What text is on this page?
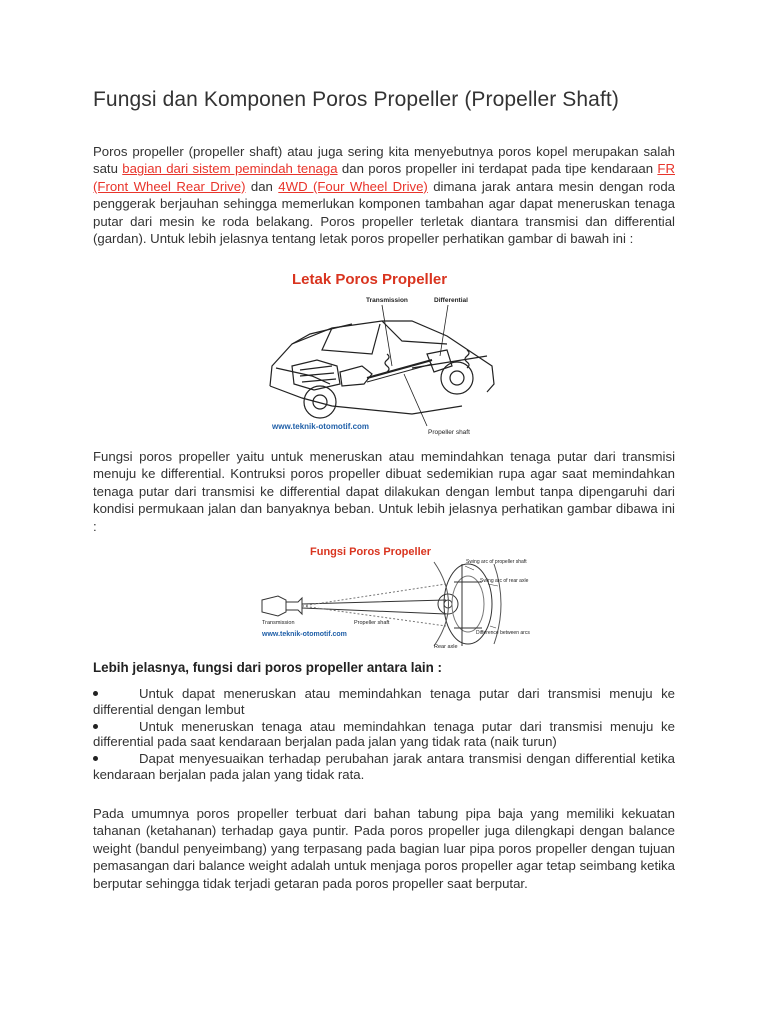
Fungsi dan Komponen Poros Propeller (Propeller Shaft)

Poros propeller (propeller shaft) atau juga sering kita menyebutnya poros kopel merupakan salah satu bagian dari sistem pemindah tenaga dan poros propeller ini terdapat pada tipe kendaraan FR (Front Wheel Rear Drive) dan 4WD (Four Wheel Drive) dimana jarak antara mesin dengan roda penggerak berjauhan sehingga memerlukan komponen tambahan agar dapat meneruskan tenaga putar dari mesin ke roda belakang. Poros propeller terletak diantara transmisi dan differential (gardan). Untuk lebih jelasnya tentang letak poros propeller perhatikan gambar di bawah ini :

Letak Poros Propeller
Transmission	Differential
Propeller shaft
www.teknik-otomotif.com

Fungsi poros propeller yaitu untuk meneruskan atau memindahkan tenaga putar dari transmisi menuju ke differential. Kontruksi poros propeller dibuat sedemikian rupa agar saat memindahkan tenaga putar dari transmisi ke differential dapat dilakukan dengan lembut tanpa dipengaruhi dari kondisi permukaan jalan dan banyaknya beban. Untuk lebih jelasnya perhatikan gambar dibawa ini :

Fungsi Poros Propeller
Swing arc of propeller shaft
Swing arc of rear axle
Difference between arcs
Transmission	Propeller shaft
Rear axle
www.teknik-otomotif.com

Lebih jelasnya, fungsi dari poros propeller antara lain :

Untuk dapat meneruskan atau memindahkan tenaga putar dari transmisi menuju ke differential dengan lembut
Untuk meneruskan tenaga atau memindahkan tenaga putar dari transmisi menuju ke differential pada saat kendaraan berjalan pada jalan yang tidak rata (naik turun)
Dapat menyesuaikan terhadap perubahan jarak antara transmisi dengan differential ketika kendaraan berjalan pada jalan yang tidak rata.

Pada umumnya poros propeller terbuat dari bahan tabung pipa baja yang memiliki kekuatan tahanan (ketahanan) terhadap gaya puntir. Pada poros propeller juga dilengkapi dengan balance weight (bandul penyeimbang) yang terpasang pada bagian luar pipa poros propeller dengan tujuan pemasangan dari balance weight adalah untuk menjaga poros propeller agar tetap seimbang ketika berputar sehingga tidak terjadi getaran pada poros propeller saat berputar.
